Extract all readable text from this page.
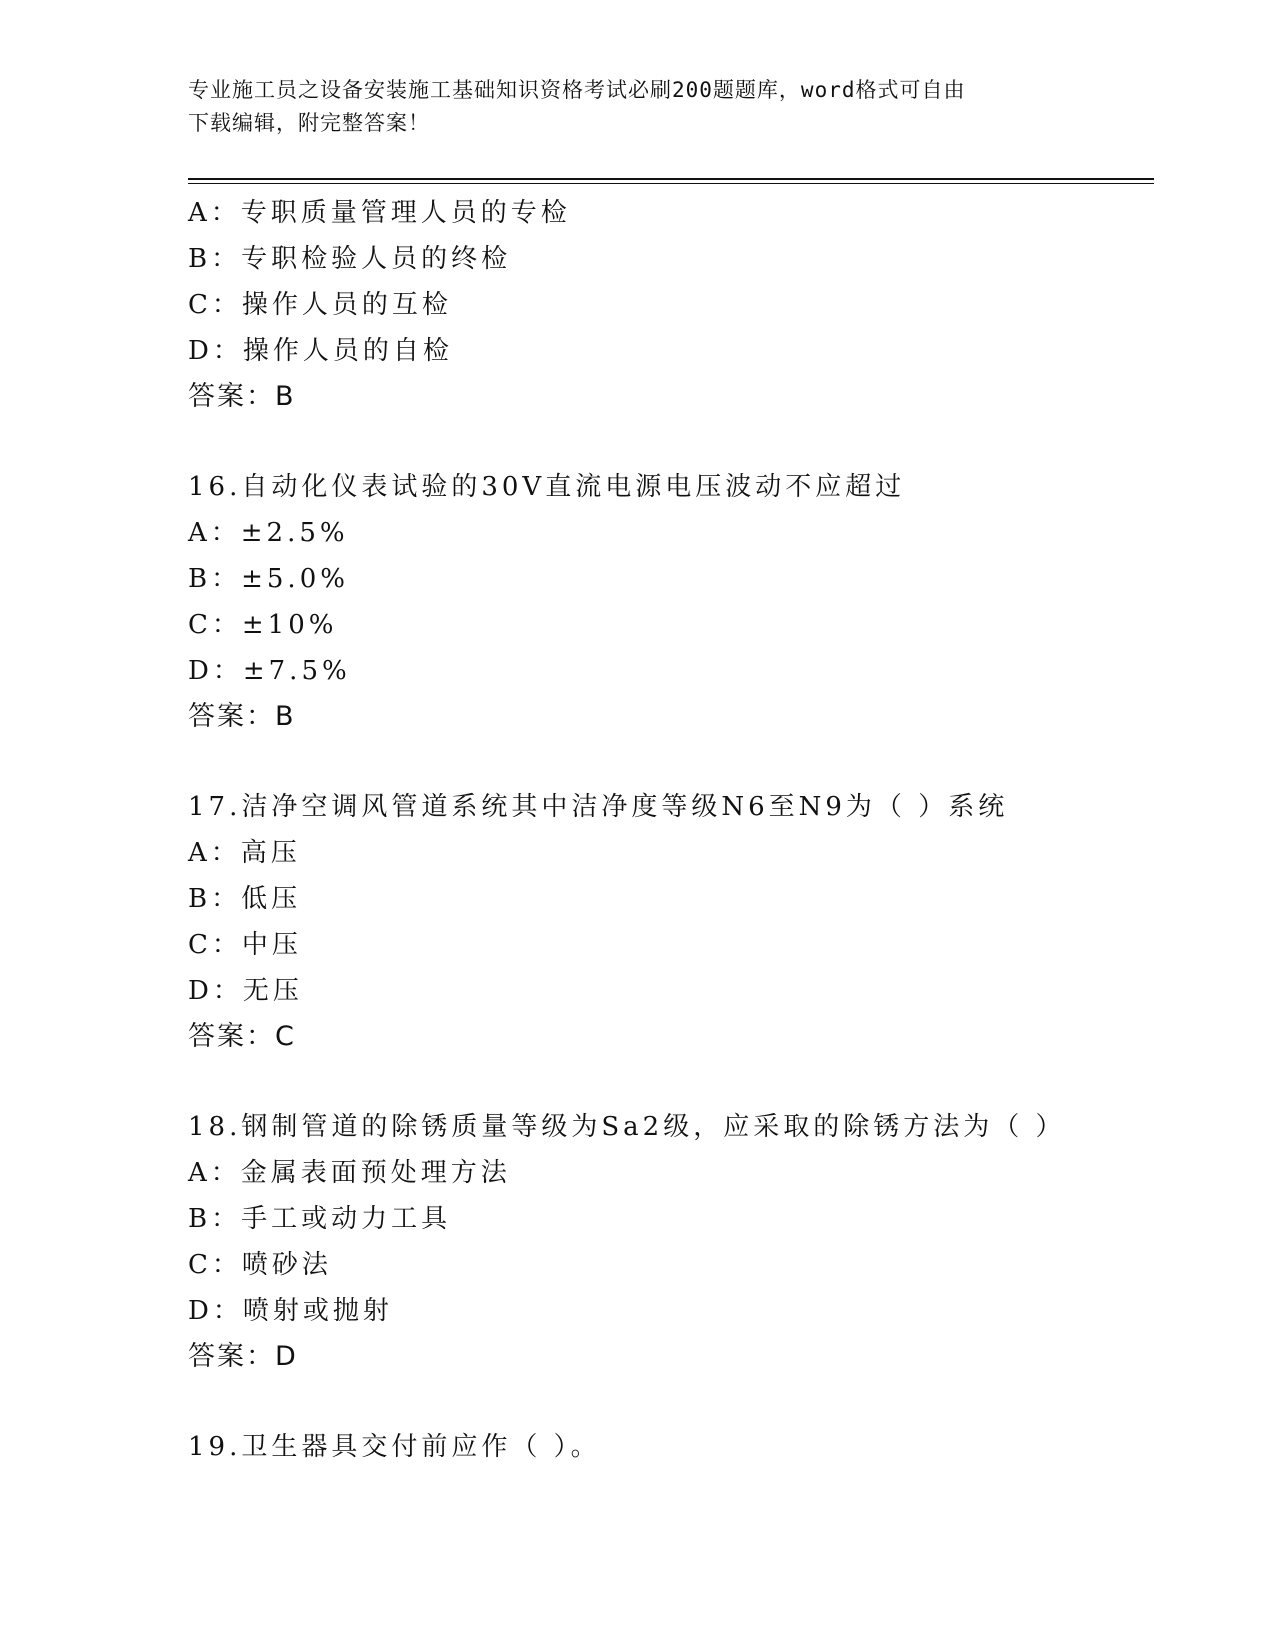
专业施工员之设备安装施工基础知识资格考试必刷200题题库，word格式可自由
下载编辑，附完整答案！
A：专职质量管理人员的专检
B：专职检验人员的终检
C：操作人员的互检
D：操作人员的自检
答案：B
16.自动化仪表试验的30V直流电源电压波动不应超过
A：±2.5%
B：±5.0%
C：±10%
D：±7.5%
答案：B
17.洁净空调风管道系统其中洁净度等级N6至N9为（ ）系统
A：高压
B：低压
C：中压
D：无压
答案：C
18.钢制管道的除锈质量等级为Sa2级，应采取的除锈方法为（ ）
A：金属表面预处理方法
B：手工或动力工具
C：喷砂法
D：喷射或抛射
答案：D
19.卫生器具交付前应作（ ）。
